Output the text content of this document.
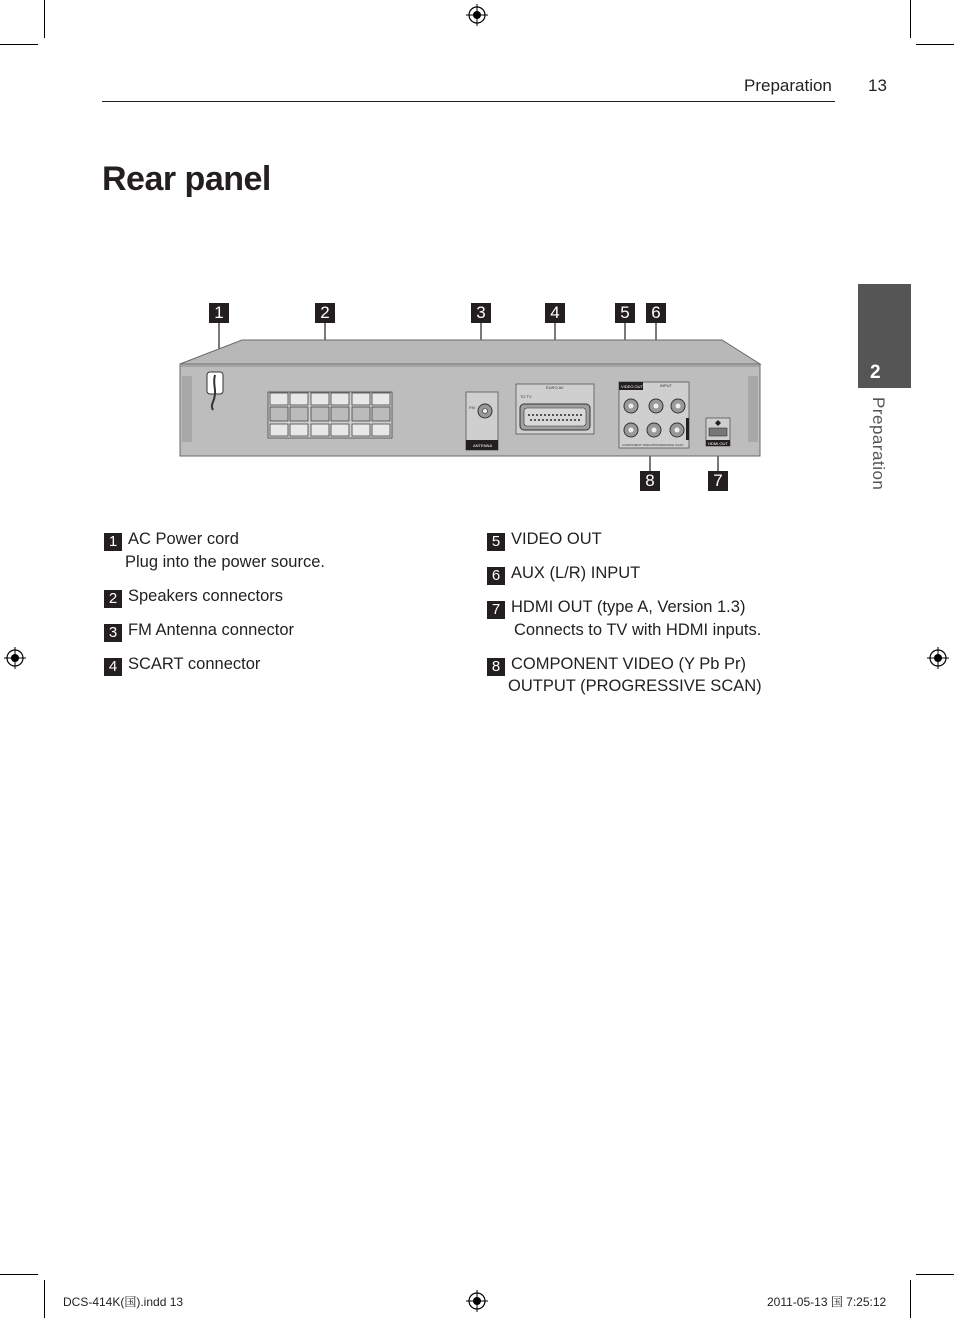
Preparation 13
Rear panel
2
Preparation
1	2	3	4	5	6
8	7
FM
ANTENNA
EURO AV
TO TV
VIDEO OUT	INPUT
COMPONENT VIDEO/PROGRESSIVE SCAN	HDMI OUT
1 AC Power cord
Plug into the power source.
2 Speakers connectors
3 FM Antenna connector
4 SCART connector
5 VIDEO OUT
6 AUX (L/R) INPUT
7 HDMI OUT (type A, Version 1.3)
Connects to TV with HDMI inputs.
8 COMPONENT VIDEO (Y Pb Pr)
OUTPUT (PROGRESSIVE SCAN)
DCS-414K(国).indd 13	2011-05-13 国 7:25:12
